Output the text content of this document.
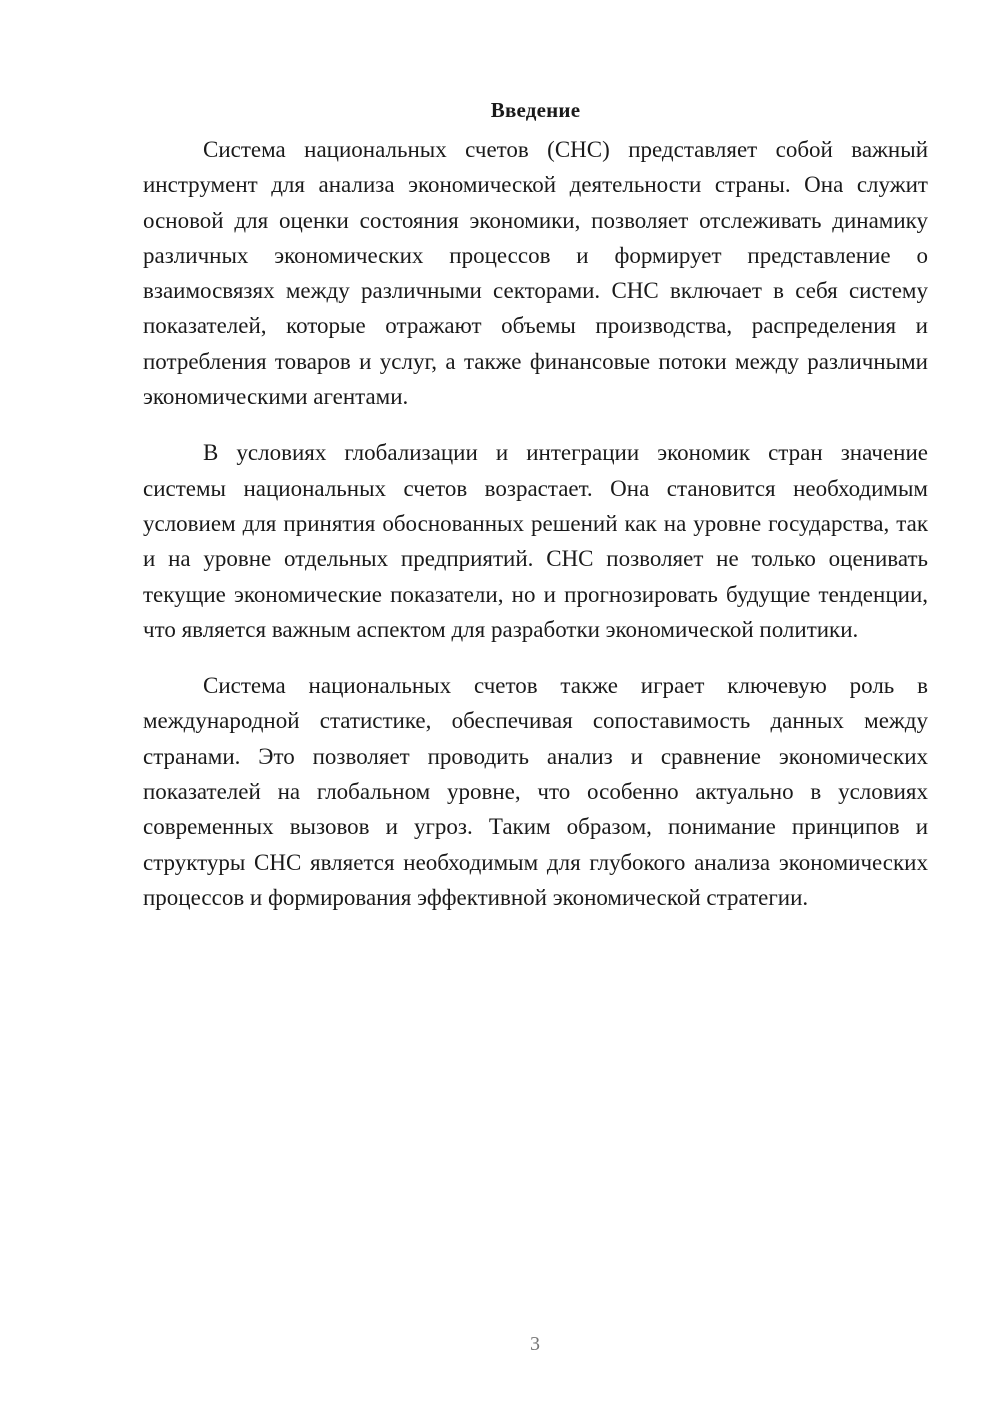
Введение

Система национальных счетов (СНС) представляет собой важный инструмент для анализа экономической деятельности страны. Она служит основой для оценки состояния экономики, позволяет отслеживать динамику различных экономических процессов и формирует представление о взаимосвязях между различными секторами. СНС включает в себя систему показателей, которые отражают объемы производства, распределения и потребления товаров и услуг, а также финансовые потоки между различными экономическими агентами.

В условиях глобализации и интеграции экономик стран значение системы национальных счетов возрастает. Она становится необходимым условием для принятия обоснованных решений как на уровне государства, так и на уровне отдельных предприятий. СНС позволяет не только оценивать текущие экономические показатели, но и прогнозировать будущие тенденции, что является важным аспектом для разработки экономической политики.

Система национальных счетов также играет ключевую роль в международной статистике, обеспечивая сопоставимость данных между странами. Это позволяет проводить анализ и сравнение экономических показателей на глобальном уровне, что особенно актуально в условиях современных вызовов и угроз. Таким образом, понимание принципов и структуры СНС является необходимым для глубокого анализа экономических процессов и формирования эффективной экономической стратегии.

3
